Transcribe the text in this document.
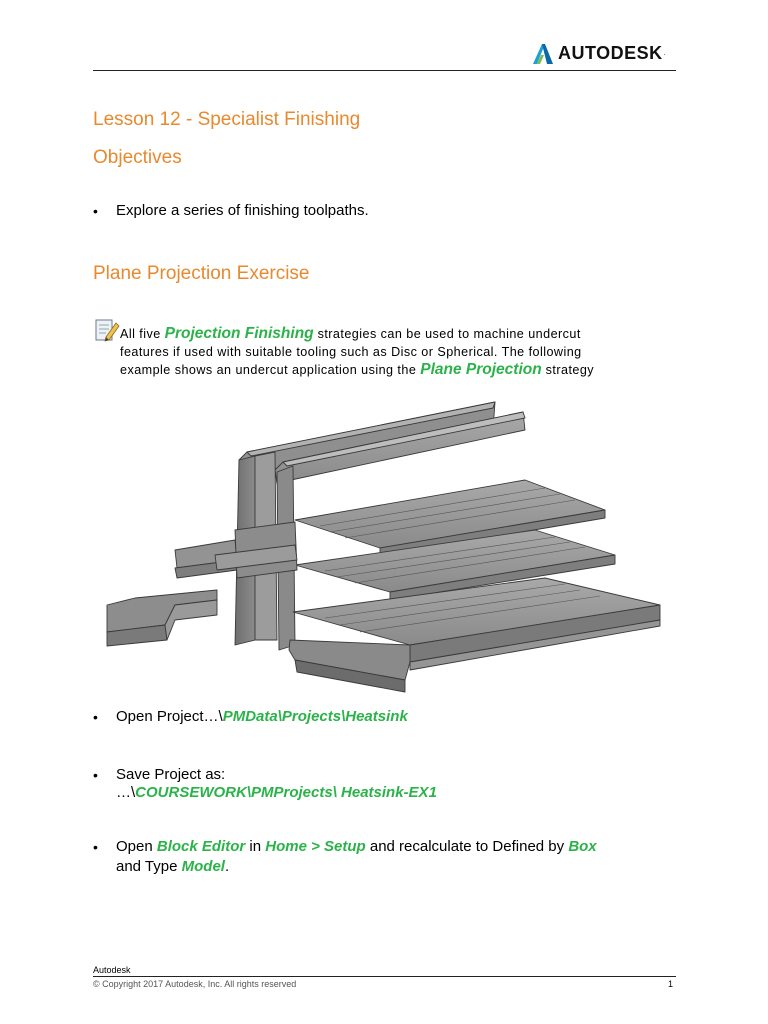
AUTODESK .
Lesson 12 - Specialist Finishing
Objectives
• Explore a series of finishing toolpaths.
Plane Projection Exercise
All five Projection Finishing strategies can be used to machine undercut
features if used with suitable tooling such as Disc or Spherical. The following
example shows an undercut application using the Plane Projection strategy
• Open Project…\PMData\Projects\Heatsink
• Save Project as:
…\COURSEWORK\PMProjects\ Heatsink-EX1
• Open Block Editor in Home > Setup and recalculate to Defined by Box
and Type Model.
Autodesk
© Copyright 2017 Autodesk, Inc. All rights reserved	1
